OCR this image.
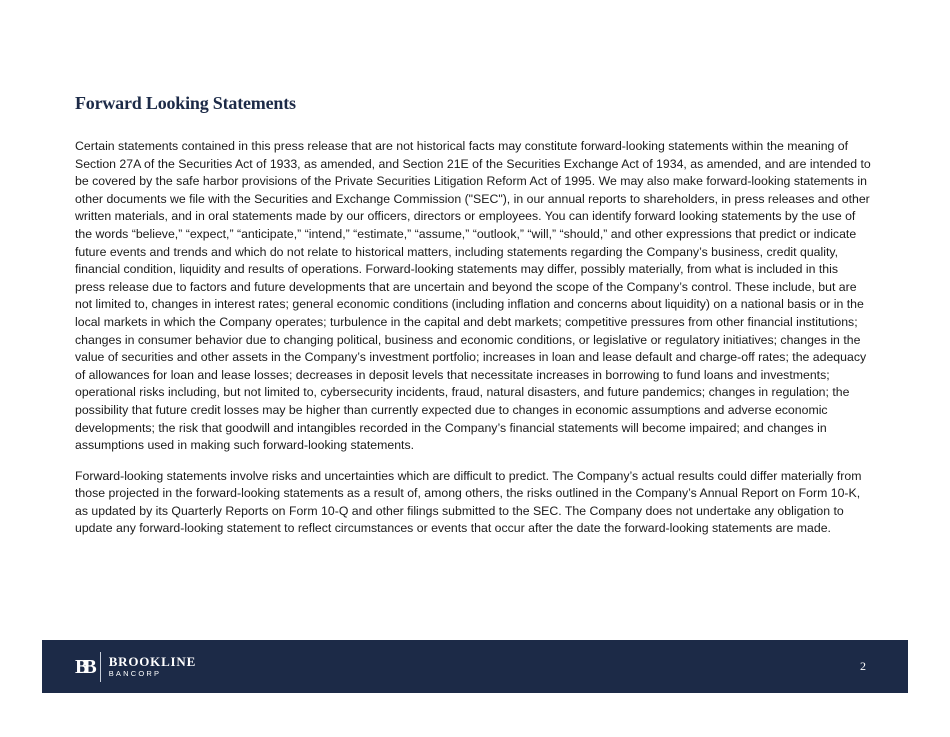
Forward Looking Statements

Certain statements contained in this press release that are not historical facts may constitute forward-looking statements within the meaning of Section 27A of the Securities Act of 1933, as amended, and Section 21E of the Securities Exchange Act of 1934, as amended, and are intended to be covered by the safe harbor provisions of the Private Securities Litigation Reform Act of 1995. We may also make forward-looking statements in other documents we file with the Securities and Exchange Commission ("SEC"), in our annual reports to shareholders, in press releases and other written materials, and in oral statements made by our officers, directors or employees. You can identify forward looking statements by the use of the words “believe,” “expect,” “anticipate,” “intend,” “estimate,” “assume,” “outlook,” “will,” “should,” and other expressions that predict or indicate future events and trends and which do not relate to historical matters, including statements regarding the Company’s business, credit quality, financial condition, liquidity and results of operations. Forward-looking statements may differ, possibly materially, from what is included in this press release due to factors and future developments that are uncertain and beyond the scope of the Company’s control. These include, but are not limited to, changes in interest rates; general economic conditions (including inflation and concerns about liquidity) on a national basis or in the local markets in which the Company operates; turbulence in the capital and debt markets; competitive pressures from other financial institutions; changes in consumer behavior due to changing political, business and economic conditions, or legislative or regulatory initiatives; changes in the value of securities and other assets in the Company’s investment portfolio; increases in loan and lease default and charge-off rates; the adequacy of allowances for loan and lease losses; decreases in deposit levels that necessitate increases in borrowing to fund loans and investments; operational risks including, but not limited to, cybersecurity incidents, fraud, natural disasters, and future pandemics; changes in regulation; the possibility that future credit losses may be higher than currently expected due to changes in economic assumptions and adverse economic developments; the risk that goodwill and intangibles recorded in the Company’s financial statements will become impaired; and changes in assumptions used in making such forward-looking statements.

Forward-looking statements involve risks and uncertainties which are difficult to predict. The Company’s actual results could differ materially from those projected in the forward-looking statements as a result of, among others, the risks outlined in the Company’s Annual Report on Form 10-K, as updated by its Quarterly Reports on Form 10-Q and other filings submitted to the SEC. The Company does not undertake any obligation to update any forward-looking statement to reflect circumstances or events that occur after the date the forward-looking statements are made.

BB	BROOKLINE
BANCORP
2
